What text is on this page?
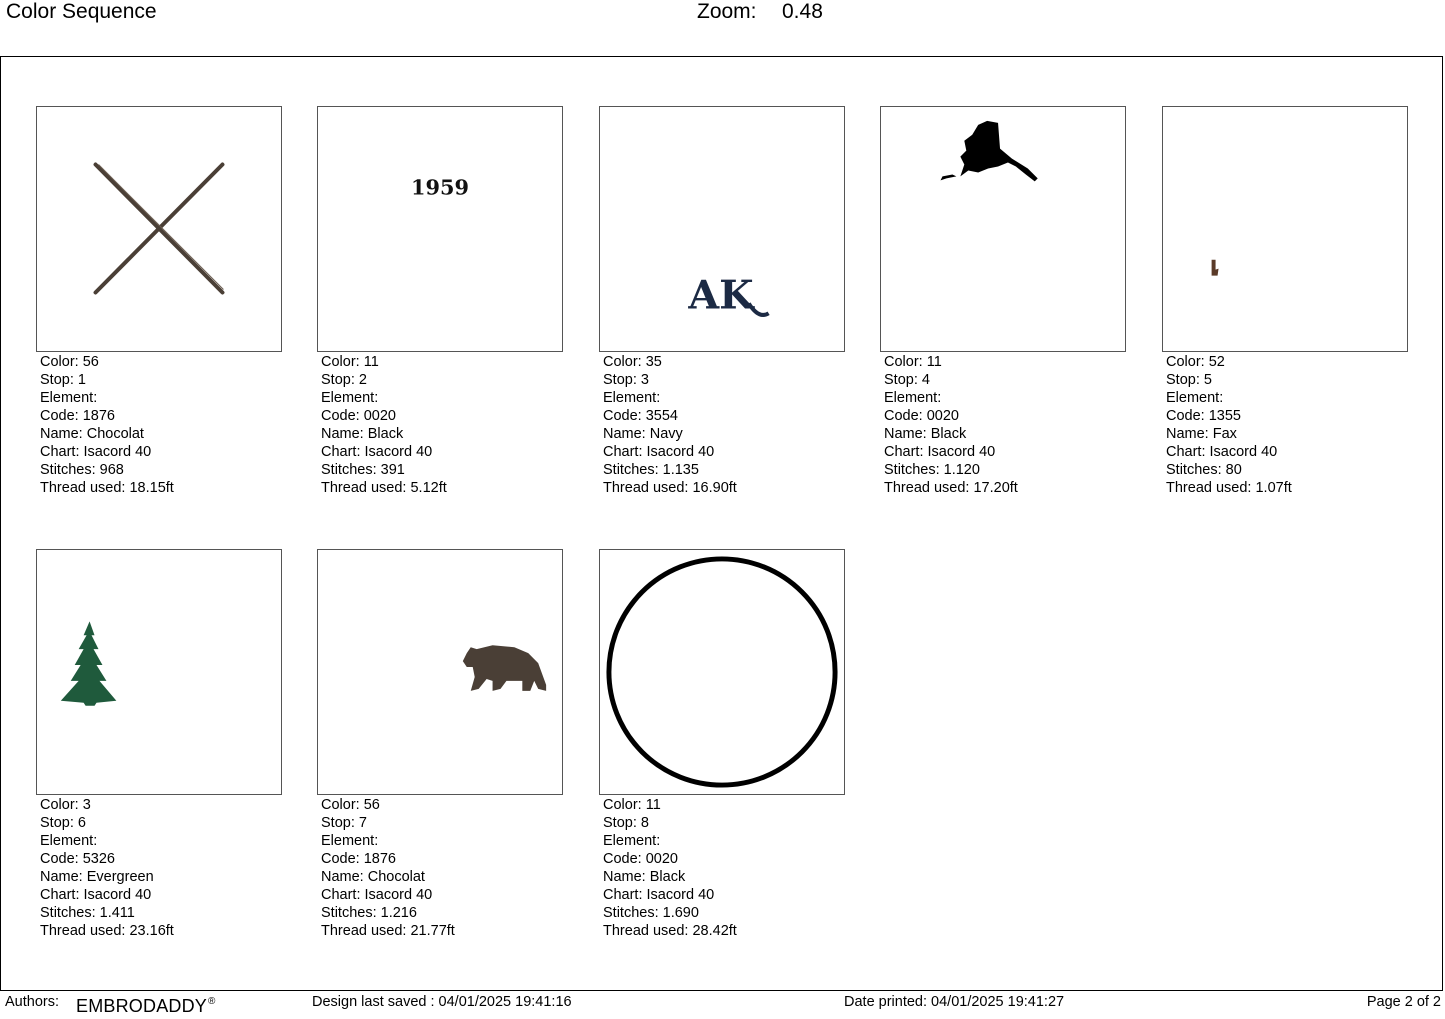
Color Sequence	Zoom: 0.48
Color: 56
Stop: 1
Element:
Code: 1876
Name: Chocolat
Chart: Isacord 40
Stitches: 968
Thread used: 18.15ft
1959
Color: 11
Stop: 2
Element:
Code: 0020
Name: Black
Chart: Isacord 40
Stitches: 391
Thread used: 5.12ft
AK
Color: 35
Stop: 3
Element:
Code: 3554
Name: Navy
Chart: Isacord 40
Stitches: 1.135
Thread used: 16.90ft
Color: 11
Stop: 4
Element:
Code: 0020
Name: Black
Chart: Isacord 40
Stitches: 1.120
Thread used: 17.20ft
Color: 52
Stop: 5
Element:
Code: 1355
Name: Fax
Chart: Isacord 40
Stitches: 80
Thread used: 1.07ft
Color: 3
Stop: 6
Element:
Code: 5326
Name: Evergreen
Chart: Isacord 40
Stitches: 1.411
Thread used: 23.16ft
Color: 56
Stop: 7
Element:
Code: 1876
Name: Chocolat
Chart: Isacord 40
Stitches: 1.216
Thread used: 21.77ft
Color: 11
Stop: 8
Element:
Code: 0020
Name: Black
Chart: Isacord 40
Stitches: 1.690
Thread used: 28.42ft
Authors: EMBRODADDY ®	Design last saved : 04/01/2025 19:41:16	Date printed: 04/01/2025 19:41:27	Page 2 of 2
